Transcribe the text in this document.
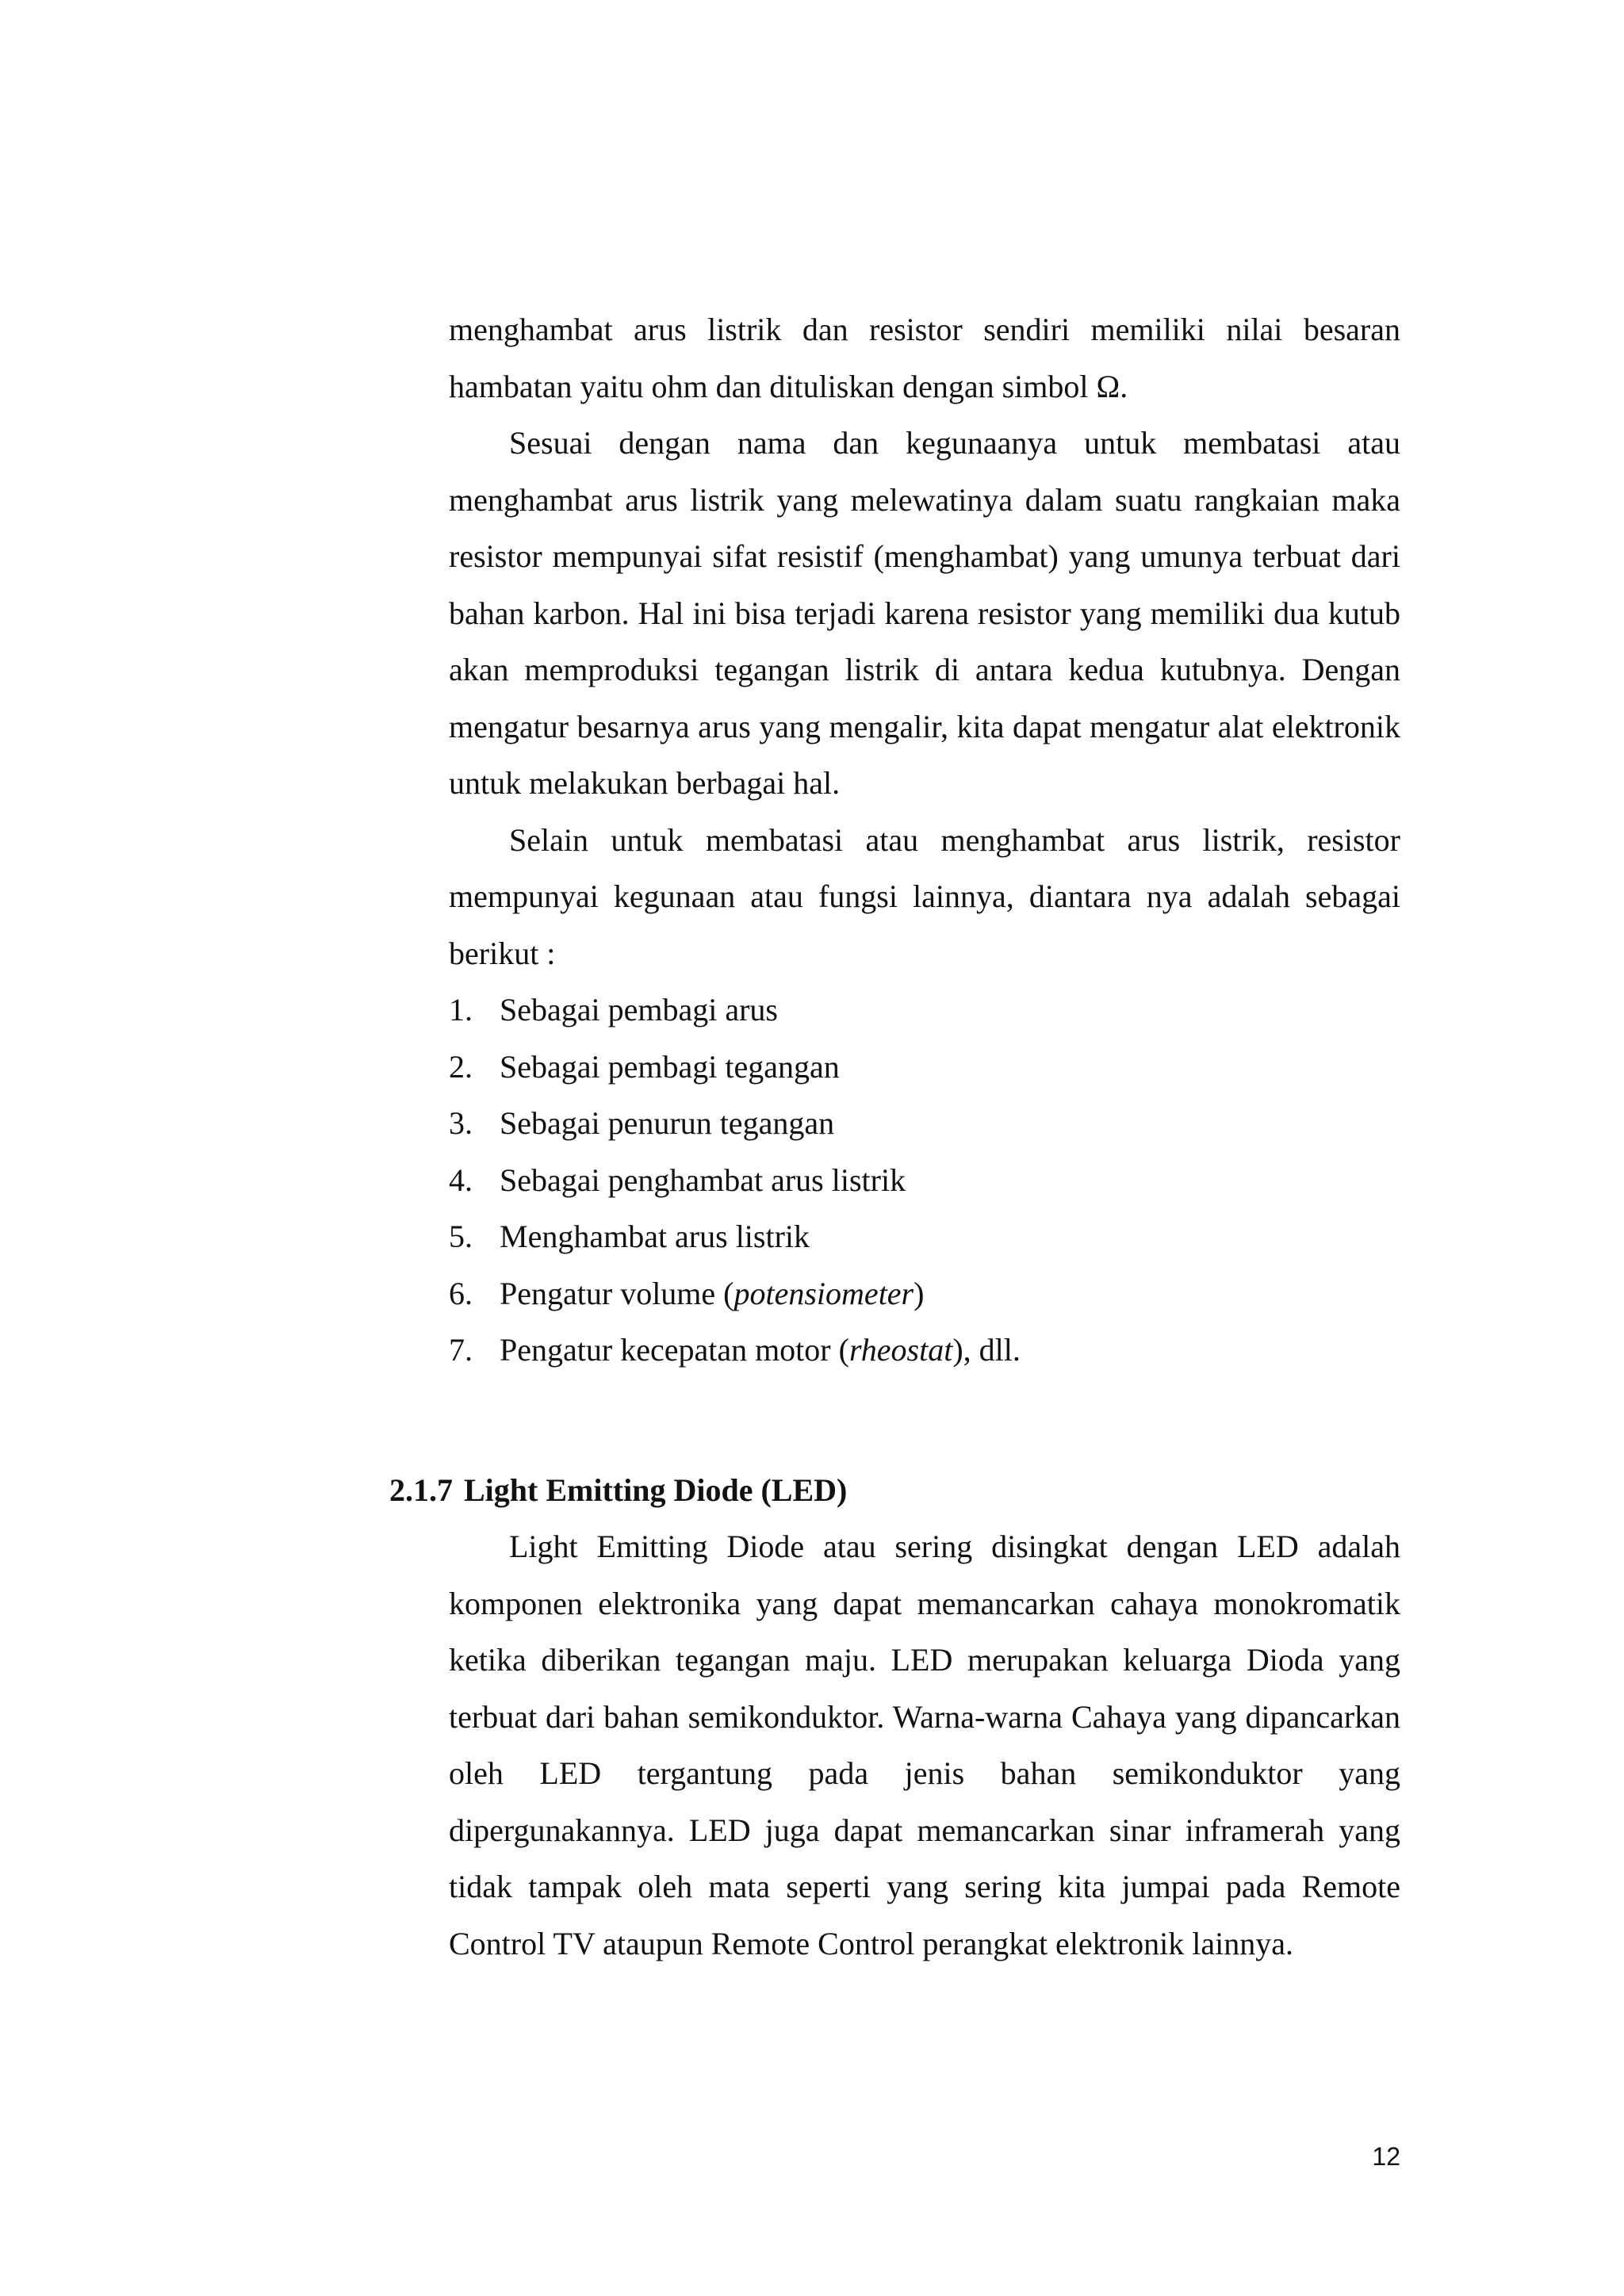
menghambat arus listrik dan resistor sendiri memiliki nilai besaran hambatan yaitu ohm dan dituliskan dengan simbol Ω.

Sesuai dengan nama dan kegunaanya untuk membatasi atau menghambat arus listrik yang melewatinya dalam suatu rangkaian maka resistor mempunyai sifat resistif (menghambat) yang umunya terbuat dari bahan karbon. Hal ini bisa terjadi karena resistor yang memiliki dua kutub akan memproduksi tegangan listrik di antara kedua kutubnya. Dengan mengatur besarnya arus yang mengalir, kita dapat mengatur alat elektronik untuk melakukan berbagai hal.

Selain untuk membatasi atau menghambat arus listrik, resistor mempunyai kegunaan atau fungsi lainnya, diantara nya adalah sebagai berikut :

1. Sebagai pembagi arus
2. Sebagai pembagi tegangan
3. Sebagai penurun tegangan
4. Sebagai penghambat arus listrik
5. Menghambat arus listrik
6. Pengatur volume (potensiometer)
7. Pengatur kecepatan motor (rheostat), dll.
2.1.7 Light Emitting Diode (LED)

Light Emitting Diode atau sering disingkat dengan LED adalah komponen elektronika yang dapat memancarkan cahaya monokromatik ketika diberikan tegangan maju. LED merupakan keluarga Dioda yang terbuat dari bahan semikonduktor. Warna-warna Cahaya yang dipancarkan oleh LED tergantung pada jenis bahan semikonduktor yang dipergunakannya. LED juga dapat memancarkan sinar inframerah yang tidak tampak oleh mata seperti yang sering kita jumpai pada Remote Control TV ataupun Remote Control perangkat elektronik lainnya.

12
